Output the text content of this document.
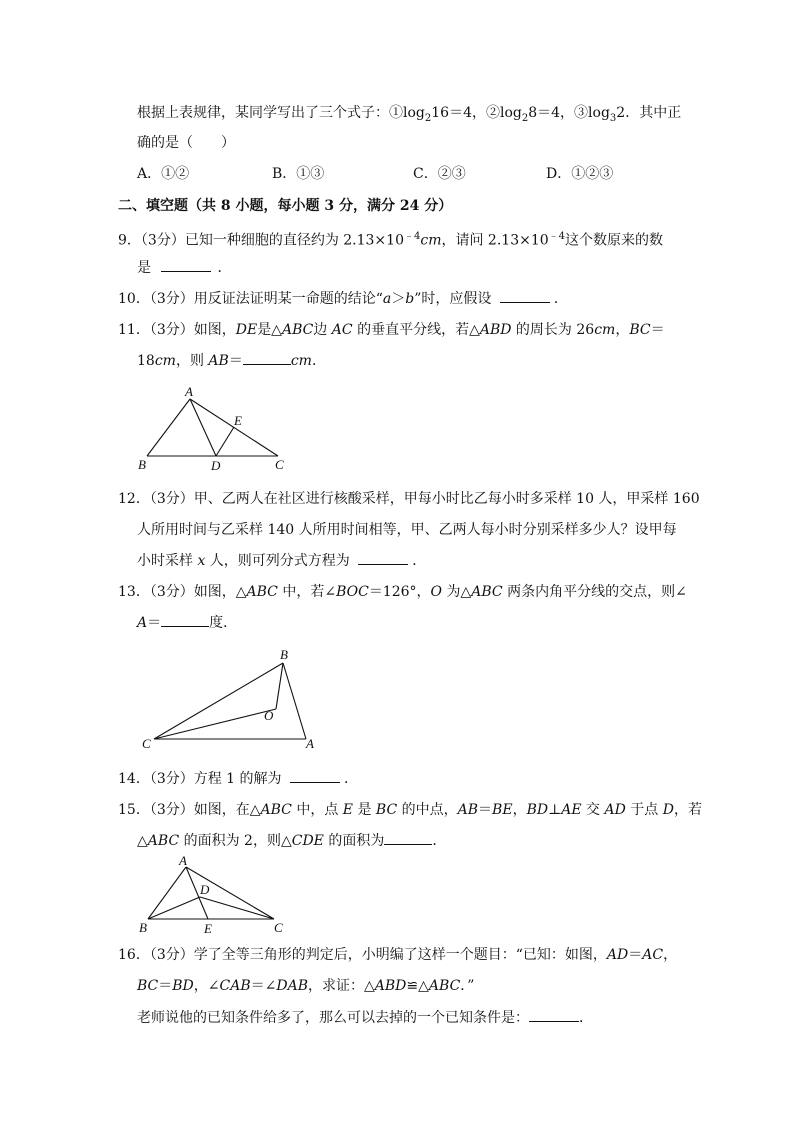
根据上表规律，某同学写出了三个式子：$①\log_216=4$，$②\log_28=4$，$③\log_32$．其中正
确的是（　　）
A．①②	B．①③	C．②③	D．①②③
二、填空题（共 8 小题，每小题 3 分，满分 24 分）
9．（3分）已知一种细胞的直径约为 $2.13\times 10^{﹣4}cm$，请问 $2.13\times 10^{﹣4}$这个数原来的数
是	．
10．（3分）用反证法证明某一命题的结论“a＞b”时，应假设	．
11．（3分）如图，DE是△ABC边 AC 的垂直平分线，若△ABD 的周长为 26cm，BC＝
18cm，则 AB＝	cm．
A
B	C
D
E
12．（3分）甲、乙两人在社区进行核酸采样，甲每小时比乙每小时多采样 10 人，甲采样 160
人所用时间与乙采样 140 人所用时间相等，甲、乙两人每小时分别采样多少人？设甲每
小时采样 x 人，则可列分式方程为	．
13．（3分）如图，△ABC 中，若∠BOC＝126°，O 为△ABC 两条内角平分线的交点，则∠
A＝	度．
B
C	A
O
14．（3分）方程 1 的解为	．
15．（3分）如图，在△ABC 中，点 E 是 BC 的中点，AB＝BE，BD⊥AE 交 AD 于点 D，若
△ABC 的面积为 2，则△CDE 的面积为	．
A
B	C
D
E
16．（3分）学了全等三角形的判定后，小明编了这样一个题目：“已知：如图，AD＝AC，
BC＝BD，∠CAB＝∠DAB，求证：△ABD≌△ABC．”
老师说他的已知条件给多了，那么可以去掉的一个已知条件是：	．
